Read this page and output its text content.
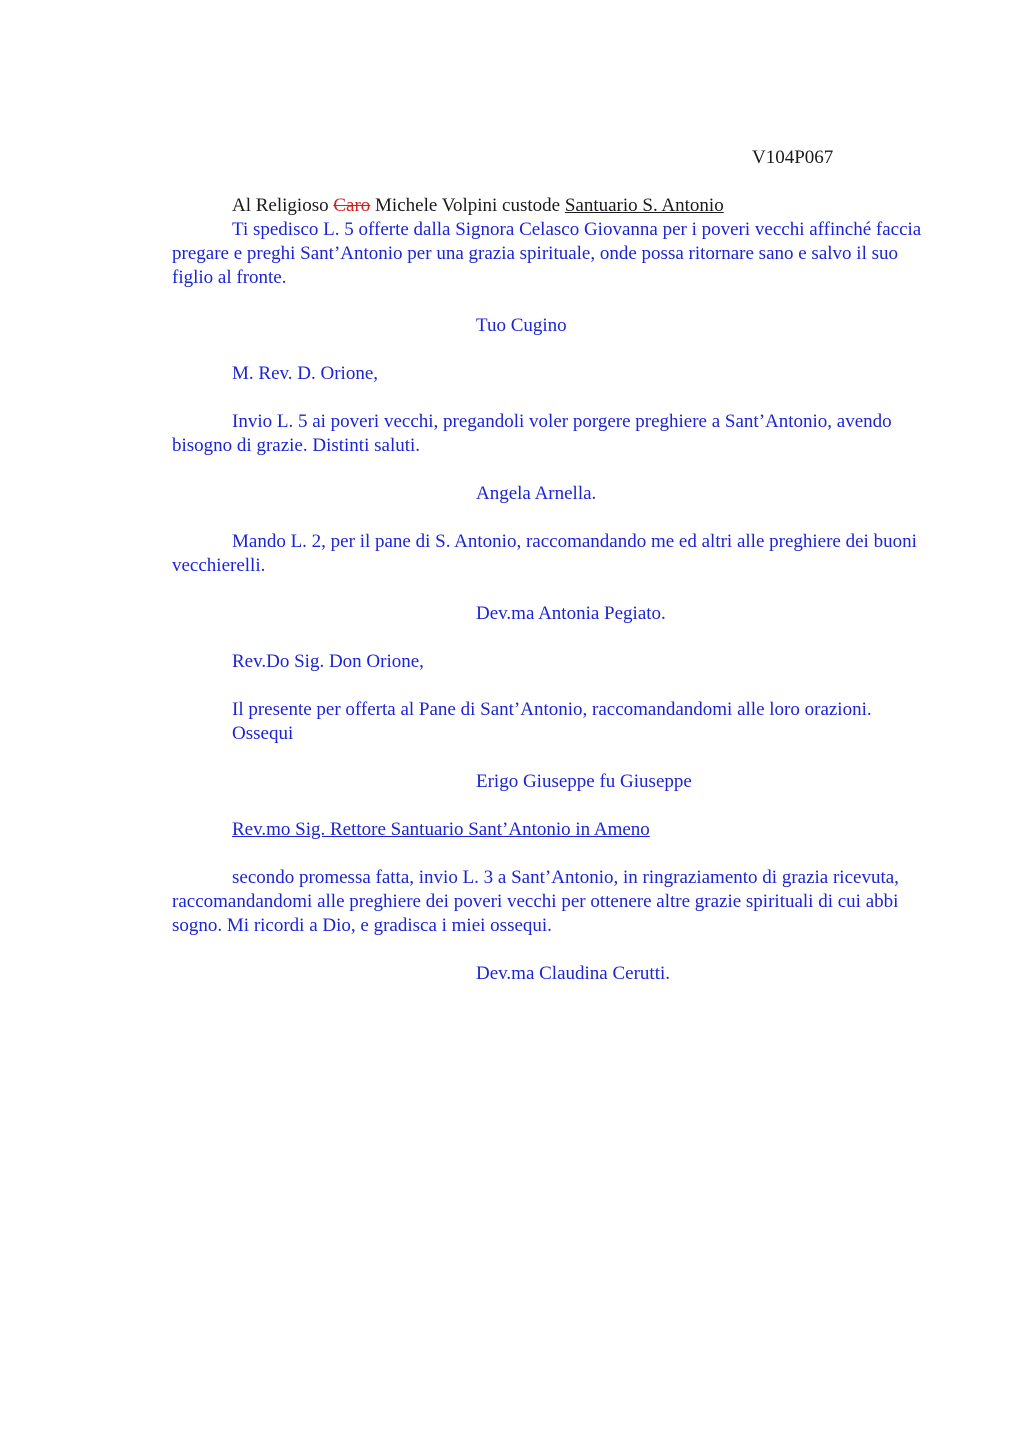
V104P067

Al Religioso Caro Michele Volpini custode Santuario S. Antonio

Ti spedisco L. 5 offerte dalla Signora Celasco Giovanna per i poveri vecchi affinché faccia pregare e preghi Sant’Antonio per una grazia spirituale, onde possa ritornare sano e salvo il suo figlio al fronte.

Tuo Cugino

M. Rev. D. Orione,

Invio L. 5 ai poveri vecchi, pregandoli voler porgere preghiere a Sant’Antonio, avendo bisogno di grazie. Distinti saluti.

Angela Arnella.

Mando L. 2, per il pane di S. Antonio, raccomandando me ed altri alle preghiere dei buoni vecchierelli.

Dev.ma Antonia Pegiato.

Rev.Do Sig. Don Orione,

Il presente per offerta al Pane di Sant’Antonio, raccomandandomi alle loro orazioni.

Ossequi

Erigo Giuseppe fu Giuseppe

Rev.mo Sig. Rettore Santuario Sant’Antonio in Ameno

secondo promessa fatta, invio L. 3 a Sant’Antonio, in ringraziamento di grazia ricevuta, raccomandandomi alle preghiere dei poveri vecchi per ottenere altre grazie spirituali di cui abbi sogno. Mi ricordi a Dio, e gradisca i miei ossequi.

Dev.ma Claudina Cerutti.
